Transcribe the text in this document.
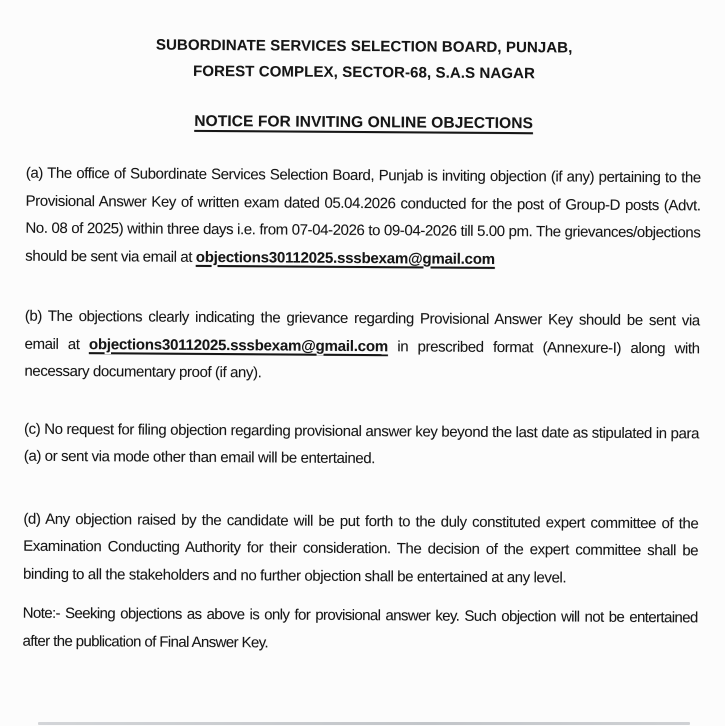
SUBORDINATE SERVICES SELECTION BOARD, PUNJAB,
FOREST COMPLEX, SECTOR-68, S.A.S NAGAR
NOTICE FOR INVITING ONLINE OBJECTIONS

(a) The office of Subordinate Services Selection Board, Punjab is inviting objection (if any) pertaining to the Provisional Answer Key of written exam dated 05.04.2026 conducted for the post of Group-D posts (Advt. No. 08 of 2025) within three days i.e. from 07-04-2026 to 09-04-2026 till 5.00 pm. The grievances/objections should be sent via email at objections30112025.sssbexam@gmail.com

(b) The objections clearly indicating the grievance regarding Provisional Answer Key should be sent via email at objections30112025.sssbexam@gmail.com in prescribed format (Annexure-I) along with necessary documentary proof (if any).

(c) No request for filing objection regarding provisional answer key beyond the last date as stipulated in para (a) or sent via mode other than email will be entertained.

(d) Any objection raised by the candidate will be put forth to the duly constituted expert committee of the Examination Conducting Authority for their consideration. The decision of the expert committee shall be binding to all the stakeholders and no further objection shall be entertained at any level.

Note:- Seeking objections as above is only for provisional answer key. Such objection will not be entertained after the publication of Final Answer Key.
